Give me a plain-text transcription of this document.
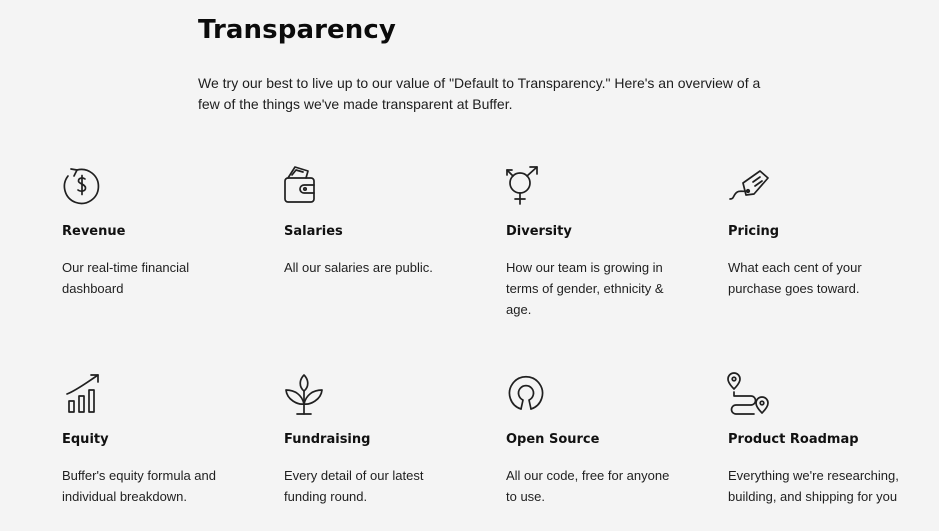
Transparency

We try our best to live up to our value of "Default to Transparency." Here's an overview of a few of the things we've made transparent at Buffer.

Revenue

Our real-time financial dashboard

Salaries

All our salaries are public.

Diversity

How our team is growing in terms of gender, ethnicity & age.

Pricing

What each cent of your purchase goes toward.

Equity

Buffer's equity formula and individual breakdown.

Fundraising

Every detail of our latest funding round.

Open Source

All our code, free for anyone to use.

Product Roadmap

Everything we're researching, building, and shipping for you
